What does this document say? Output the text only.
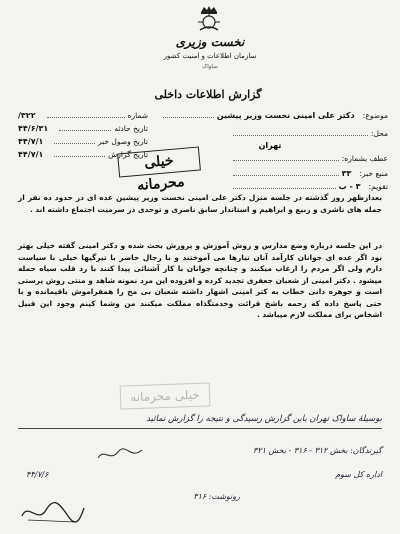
نخست وزیری
سازمان اطلاعات و امنیت کشور
ساواک
گزارش اطلاعات داخلی
موضوع
:
دکتر علی امینی نخست وزیر پیشین
محل
:
تهران
عطف بشماره
:
منبع خبر
:
۳۳
تقویم
:
۳ - ب
شماره
۳۲۲/
تاریخ حادثه
۴۴/۶/۳۱
تاریخ وصول خبر
۴۴/۷/۱
تاریخ گزارش
۴۴/۷/۱	خیلی محرمانه
بعدازظهر روز گذشته در جلسه منزل دکتر علی امینی نخست وزیر پیشین عده ای در حدود ده نفر از جمله های ناشری و ربیع و ابراهیم و استاندار سابق ناصری و توحدی در سرمیت اجتماع داشته اند .
در این جلسه درباره وضع مدارس و روش آموزش و پرورش بحث شده و دکتر امینی گفته خیلی بهتر بود اگر عده ای جوانان کارآمد آنان تیارها می آموختند و با رجال حاضر با تیرگیها خیلی با سیاست دارم ولی اگر مردم را ارعاب میکنند و چنانچه جوانان با کار آشنائی پیدا کنند با رد قلب سیاه حمله میشود . دکتر امینی از شعبان جعفری تجدید کرده و افزوده این مرد نمونه شاهد و منتی روش پرستی است و جوهره دانی خطاب به کتر امینی اشهار داشته شعبان بی مخ را همفراموش باقیمانده و با حتی پاسخ داده که زحمه باشخ قرائت وخدمتگذاه مملکت میکنند من وشما کینم وجود این قبیل اشخاص برای مملکت لازم میباشد .
خیلی محرمانه
بوسیلهٔ ساواک تهران باین گزارش رسیدگی و نتیجه را گزارش نمائید
گیرندگان: بخش ۳۱۲ - ۳۱۶ - بخش ۳۲۱
اداره کل سوم
رونوشت: ۳۱۶
۴۴/۷/۶
